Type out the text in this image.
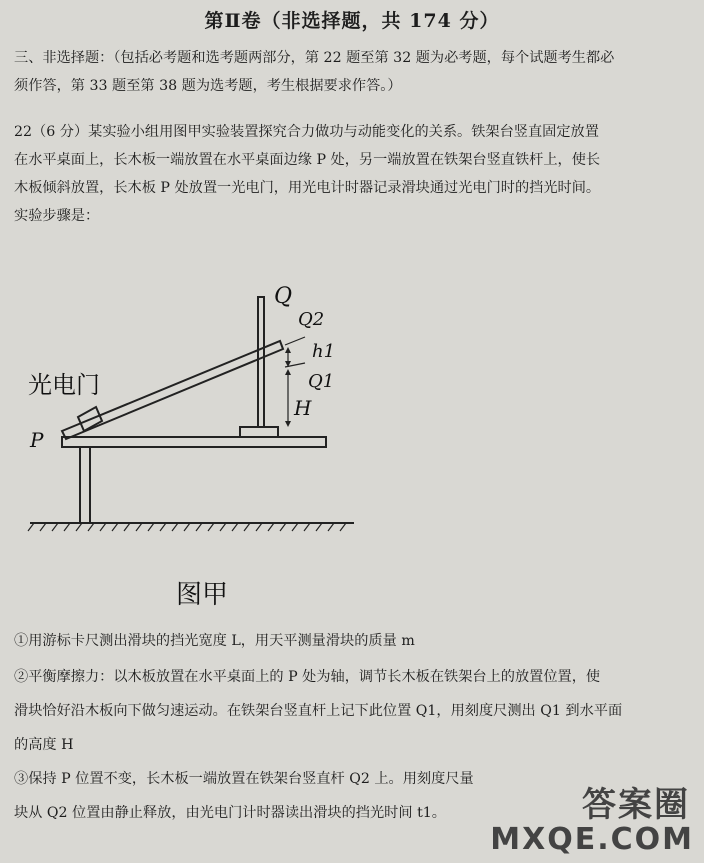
第Ⅱ卷（非选择题，共 174 分）
三、非选择题：（包括必考题和选考题两部分，第 22 题至第 32 题为必考题，每个试题考生都必
须作答，第 33 题至第 38 题为选考题，考生根据要求作答。）
22（6 分）某实验小组用图甲实验装置探究合力做功与动能变化的关系。铁架台竖直固定放置
在水平桌面上，长木板一端放置在水平桌面边缘 P 处，另一端放置在铁架台竖直铁杆上，使长
木板倾斜放置，长木板 P 处放置一光电门，用光电计时器记录滑块通过光电门时的挡光时间。
实验步骤是：
光电门
P
Q
Q2
h1
Q1
H
图甲
①用游标卡尺测出滑块的挡光宽度 L，用天平测量滑块的质量 m
②平衡摩擦力：以木板放置在水平桌面上的 P 处为轴，调节长木板在铁架台上的放置位置，使
滑块恰好沿木板向下做匀速运动。在铁架台竖直杆上记下此位置 Q1，用刻度尺测出 Q1 到水平面
的高度 H
③保持 P 位置不变，长木板一端放置在铁架台竖直杆 Q2 上。用刻度尺量
块从 Q2 位置由静止释放，由光电门计时器读出滑块的挡光时间 t1。	答案圈
MXQE.COM
